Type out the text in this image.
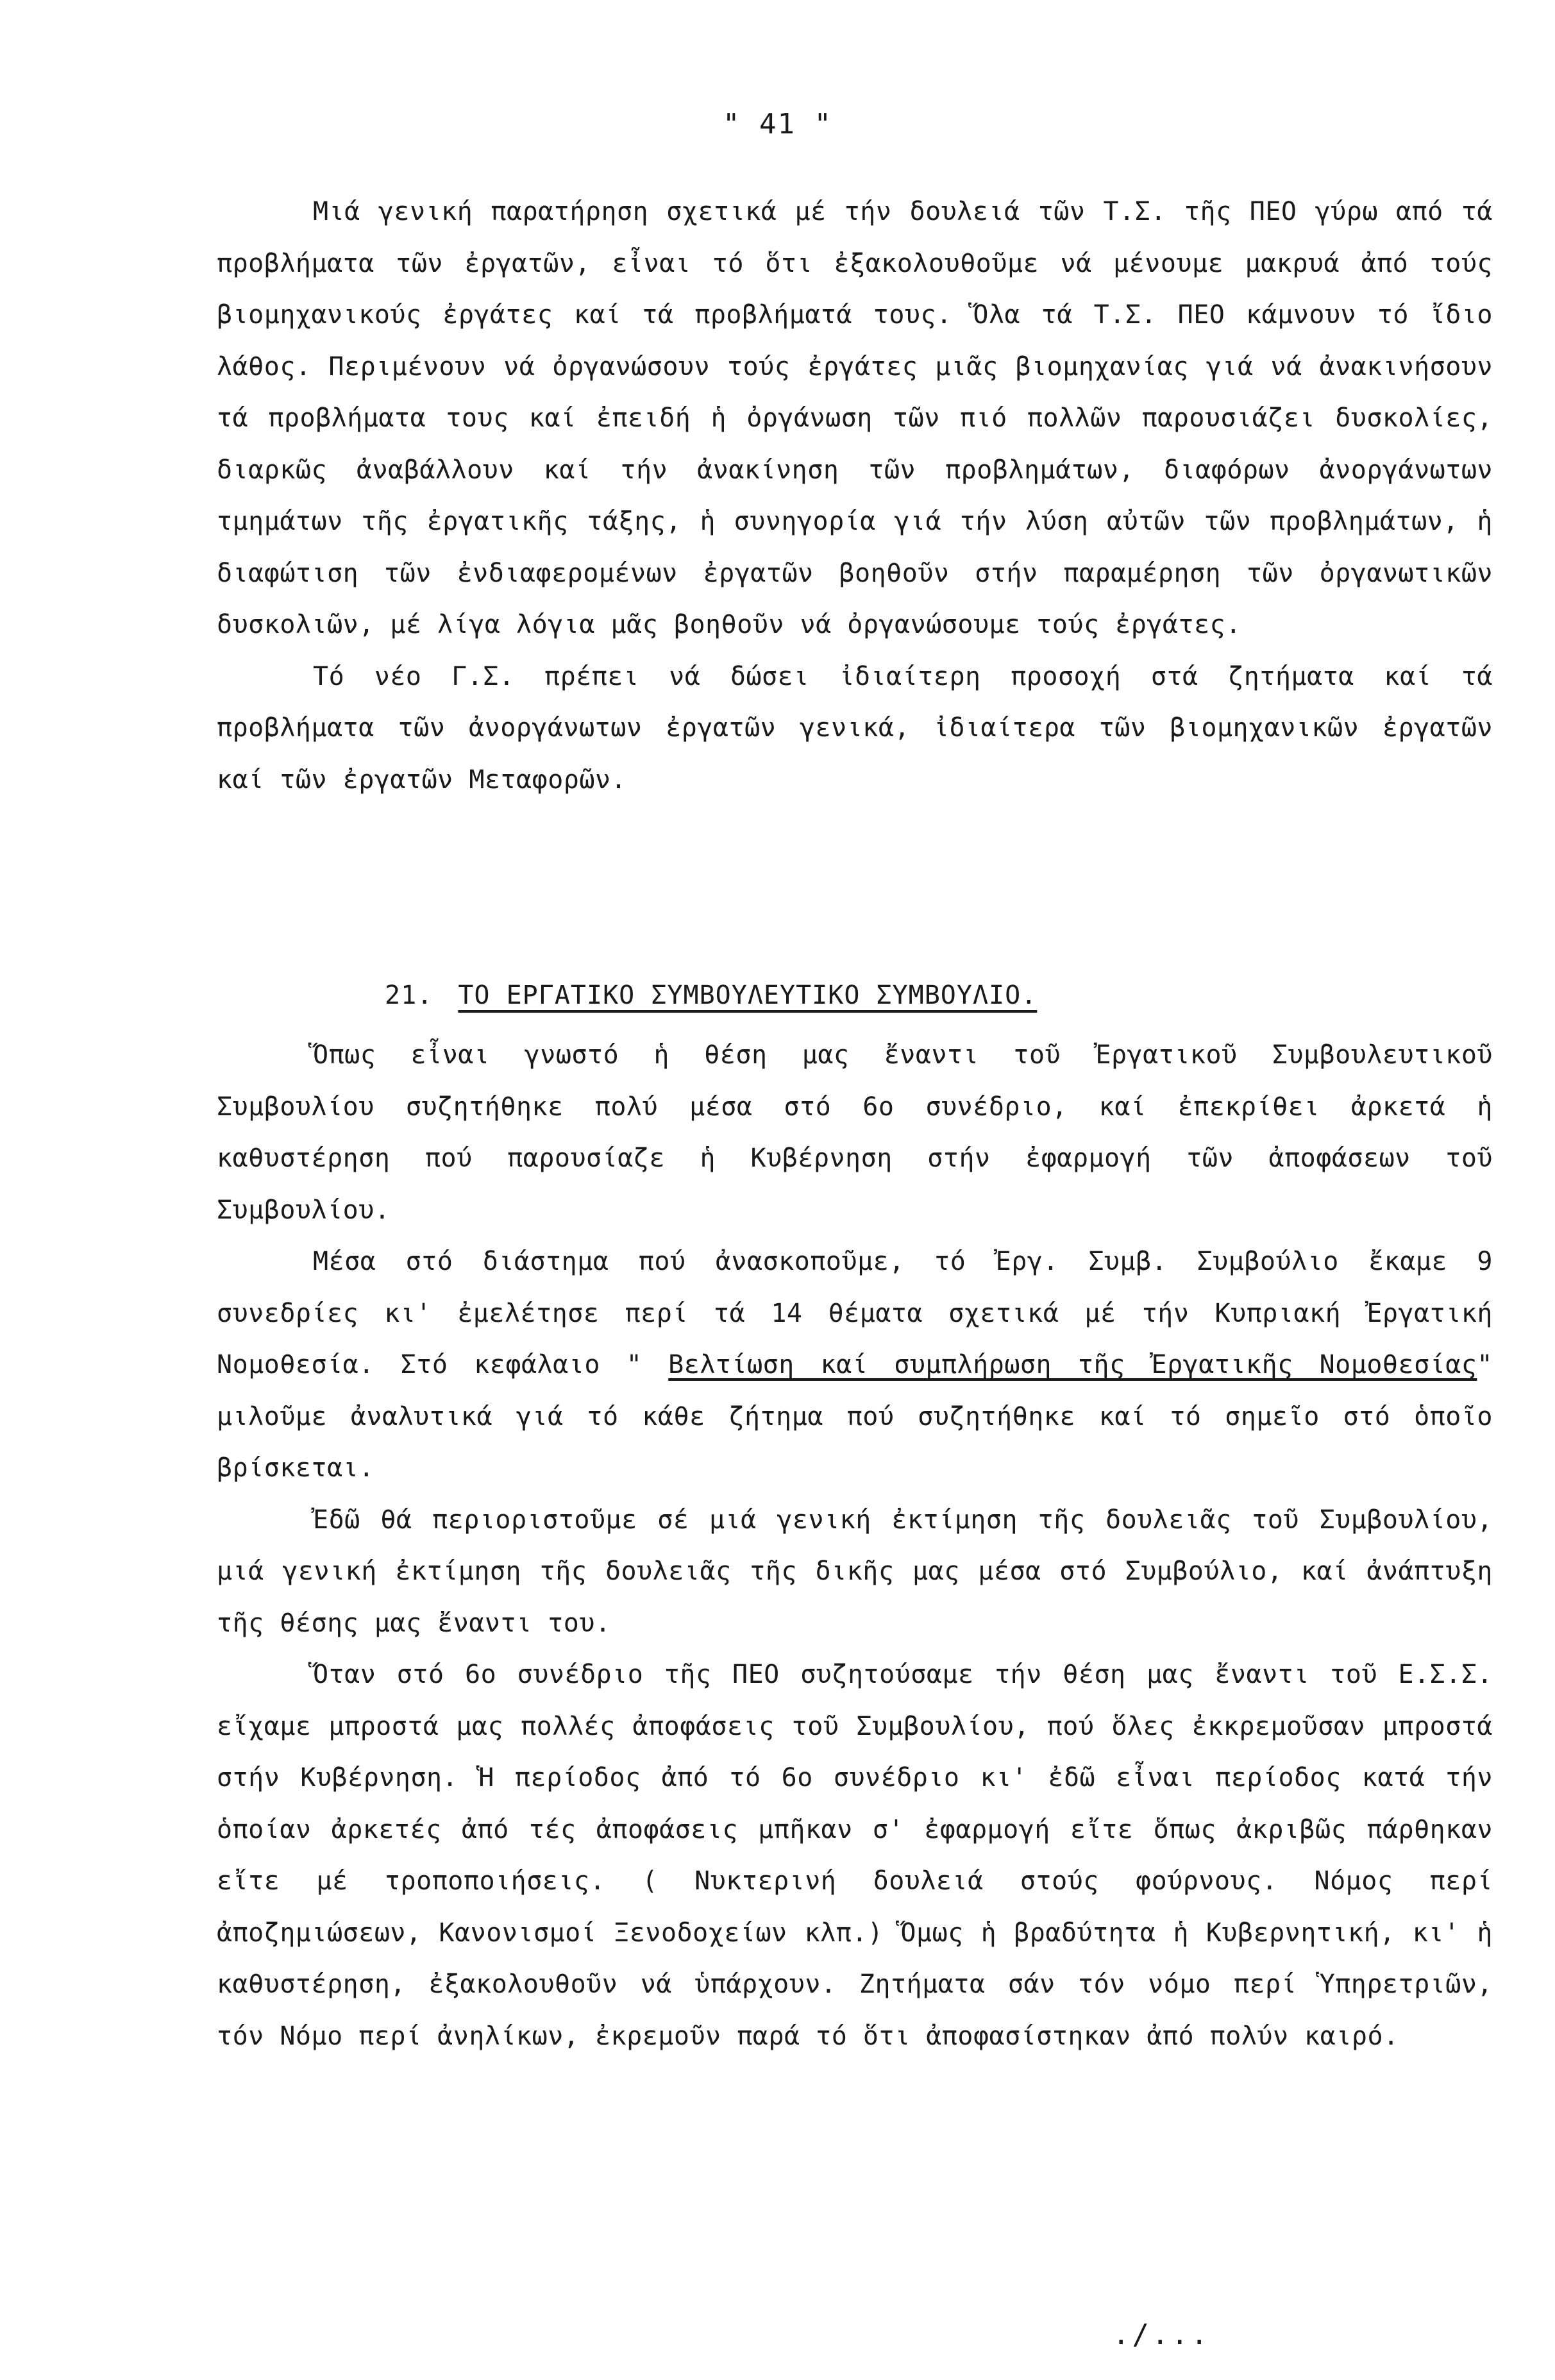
" 41 "

Μιά γενική παρατήρηση σχετικά μέ τήν δουλειά τῶν Τ.Σ. τῆς ΠΕΟ γύρω από τά προβλήματα τῶν ἐργατῶν, εἶναι τό ὅτι ἐξακολουθοῦμε νά μένουμε μακρυά ἀπό τούς βιομηχανικούς ἐργάτες καί τά προβλήματά τους. Ὅλα τά Τ.Σ. ΠΕΟ κάμνουν τό ἴδιο λάθος. Περιμένουν νά ὀργανώσουν τούς ἐργάτες μιᾶς βιομηχανίας γιά νά ἀνακινήσουν τά προβλήματα τους καί ἐπειδή ἡ ὀργάνωση τῶν πιό πολλῶν παρουσιάζει δυσκολίες, διαρκῶς ἀναβάλλουν καί τήν ἀνακίνηση τῶν προβλημάτων, διαφόρων ἀνοργάνωτων τμημάτων τῆς ἐργατικῆς τάξης, ἡ συνηγορία γιά τήν λύση αὐτῶν τῶν προβλημάτων, ἡ διαφώτιση τῶν ἐνδιαφερομένων ἐργατῶν βοηθοῦν στήν παραμέρηση τῶν ὀργανωτικῶν δυσκολιῶν, μέ λίγα λόγια μᾶς βοηθοῦν νά ὀργανώσουμε τούς ἐργάτες.

Τό νέο Γ.Σ. πρέπει νά δώσει ἰδιαίτερη προσοχή στά ζητήματα καί τά προβλήματα τῶν ἀνοργάνωτων ἐργατῶν γενικά, ἰδιαίτερα τῶν βιομηχανικῶν ἐργατῶν καί τῶν ἐργατῶν Μεταφορῶν.

21. ΤΟ ΕΡΓΑΤΙΚΟ ΣΥΜΒΟΥΛΕΥΤΙΚΟ ΣΥΜΒΟΥΛΙΟ.

Ὅπως εἶναι γνωστό ἡ θέση μας ἔναντι τοῦ Ἐργατικοῦ Συμβουλευτικοῦ Συμβουλίου συζητήθηκε πολύ μέσα στό 6ο συνέδριο, καί ἐπεκρίθει ἀρκετά ἡ καθυστέρηση πού παρουσίαζε ἡ Κυβέρνηση στήν ἐφαρμογή τῶν ἀποφάσεων τοῦ Συμβουλίου.

Μέσα στό διάστημα πού ἀνασκοποῦμε, τό Ἐργ. Συμβ. Συμβούλιο ἔκαμε 9 συνεδρίες κι' ἐμελέτησε περί τά 14 θέματα σχετικά μέ τήν Κυπριακή Ἐργατική Νομοθεσία. Στό κεφάλαιο " Βελτίωση καί συμπλήρωση τῆς Ἐργατικῆς Νομοθεσίας" μιλοῦμε ἀναλυτικά γιά τό κάθε ζήτημα πού συζητήθηκε καί τό σημεῖο στό ὁποῖο βρίσκεται.

Ἐδῶ θά περιοριστοῦμε σέ μιά γενική ἐκτίμηση τῆς δουλειᾶς τοῦ Συμβουλίου, μιά γενική ἐκτίμηση τῆς δουλειᾶς τῆς δικῆς μας μέσα στό Συμβούλιο, καί ἀνάπτυξη τῆς θέσης μας ἔναντι του.

Ὅταν στό 6ο συνέδριο τῆς ΠΕΟ συζητούσαμε τήν θέση μας ἔναντι τοῦ Ε.Σ.Σ. εἴχαμε μπροστά μας πολλές ἀποφάσεις τοῦ Συμβουλίου, πού ὅλες ἐκκρεμοῦσαν μπροστά στήν Κυβέρνηση. Ἡ περίοδος ἀπό τό 6ο συνέδριο κι' ἐδῶ εἶναι περίοδος κατά τήν ὁποίαν ἀρκετές ἀπό τές ἀποφάσεις μπῆκαν σ' ἐφαρμογή εἴτε ὅπως ἀκριβῶς πάρθηκαν εἴτε μέ τροποποιήσεις. ( Νυκτερινή δουλειά στούς φούρνους. Νόμος περί ἀποζημιώσεων, Κανονισμοί Ξενοδοχείων κλπ.) Ὅμως ἡ βραδύτητα ἡ Κυβερνητική, κι' ἡ καθυστέρηση, ἐξακολουθοῦν νά ὑπάρχουν. Ζητήματα σάν τόν νόμο περί Ὑπηρετριῶν, τόν Νόμο περί ἀνηλίκων, ἐκρεμοῦν παρά τό ὅτι ἀποφασίστηκαν ἀπό πολύν καιρό.

./...
